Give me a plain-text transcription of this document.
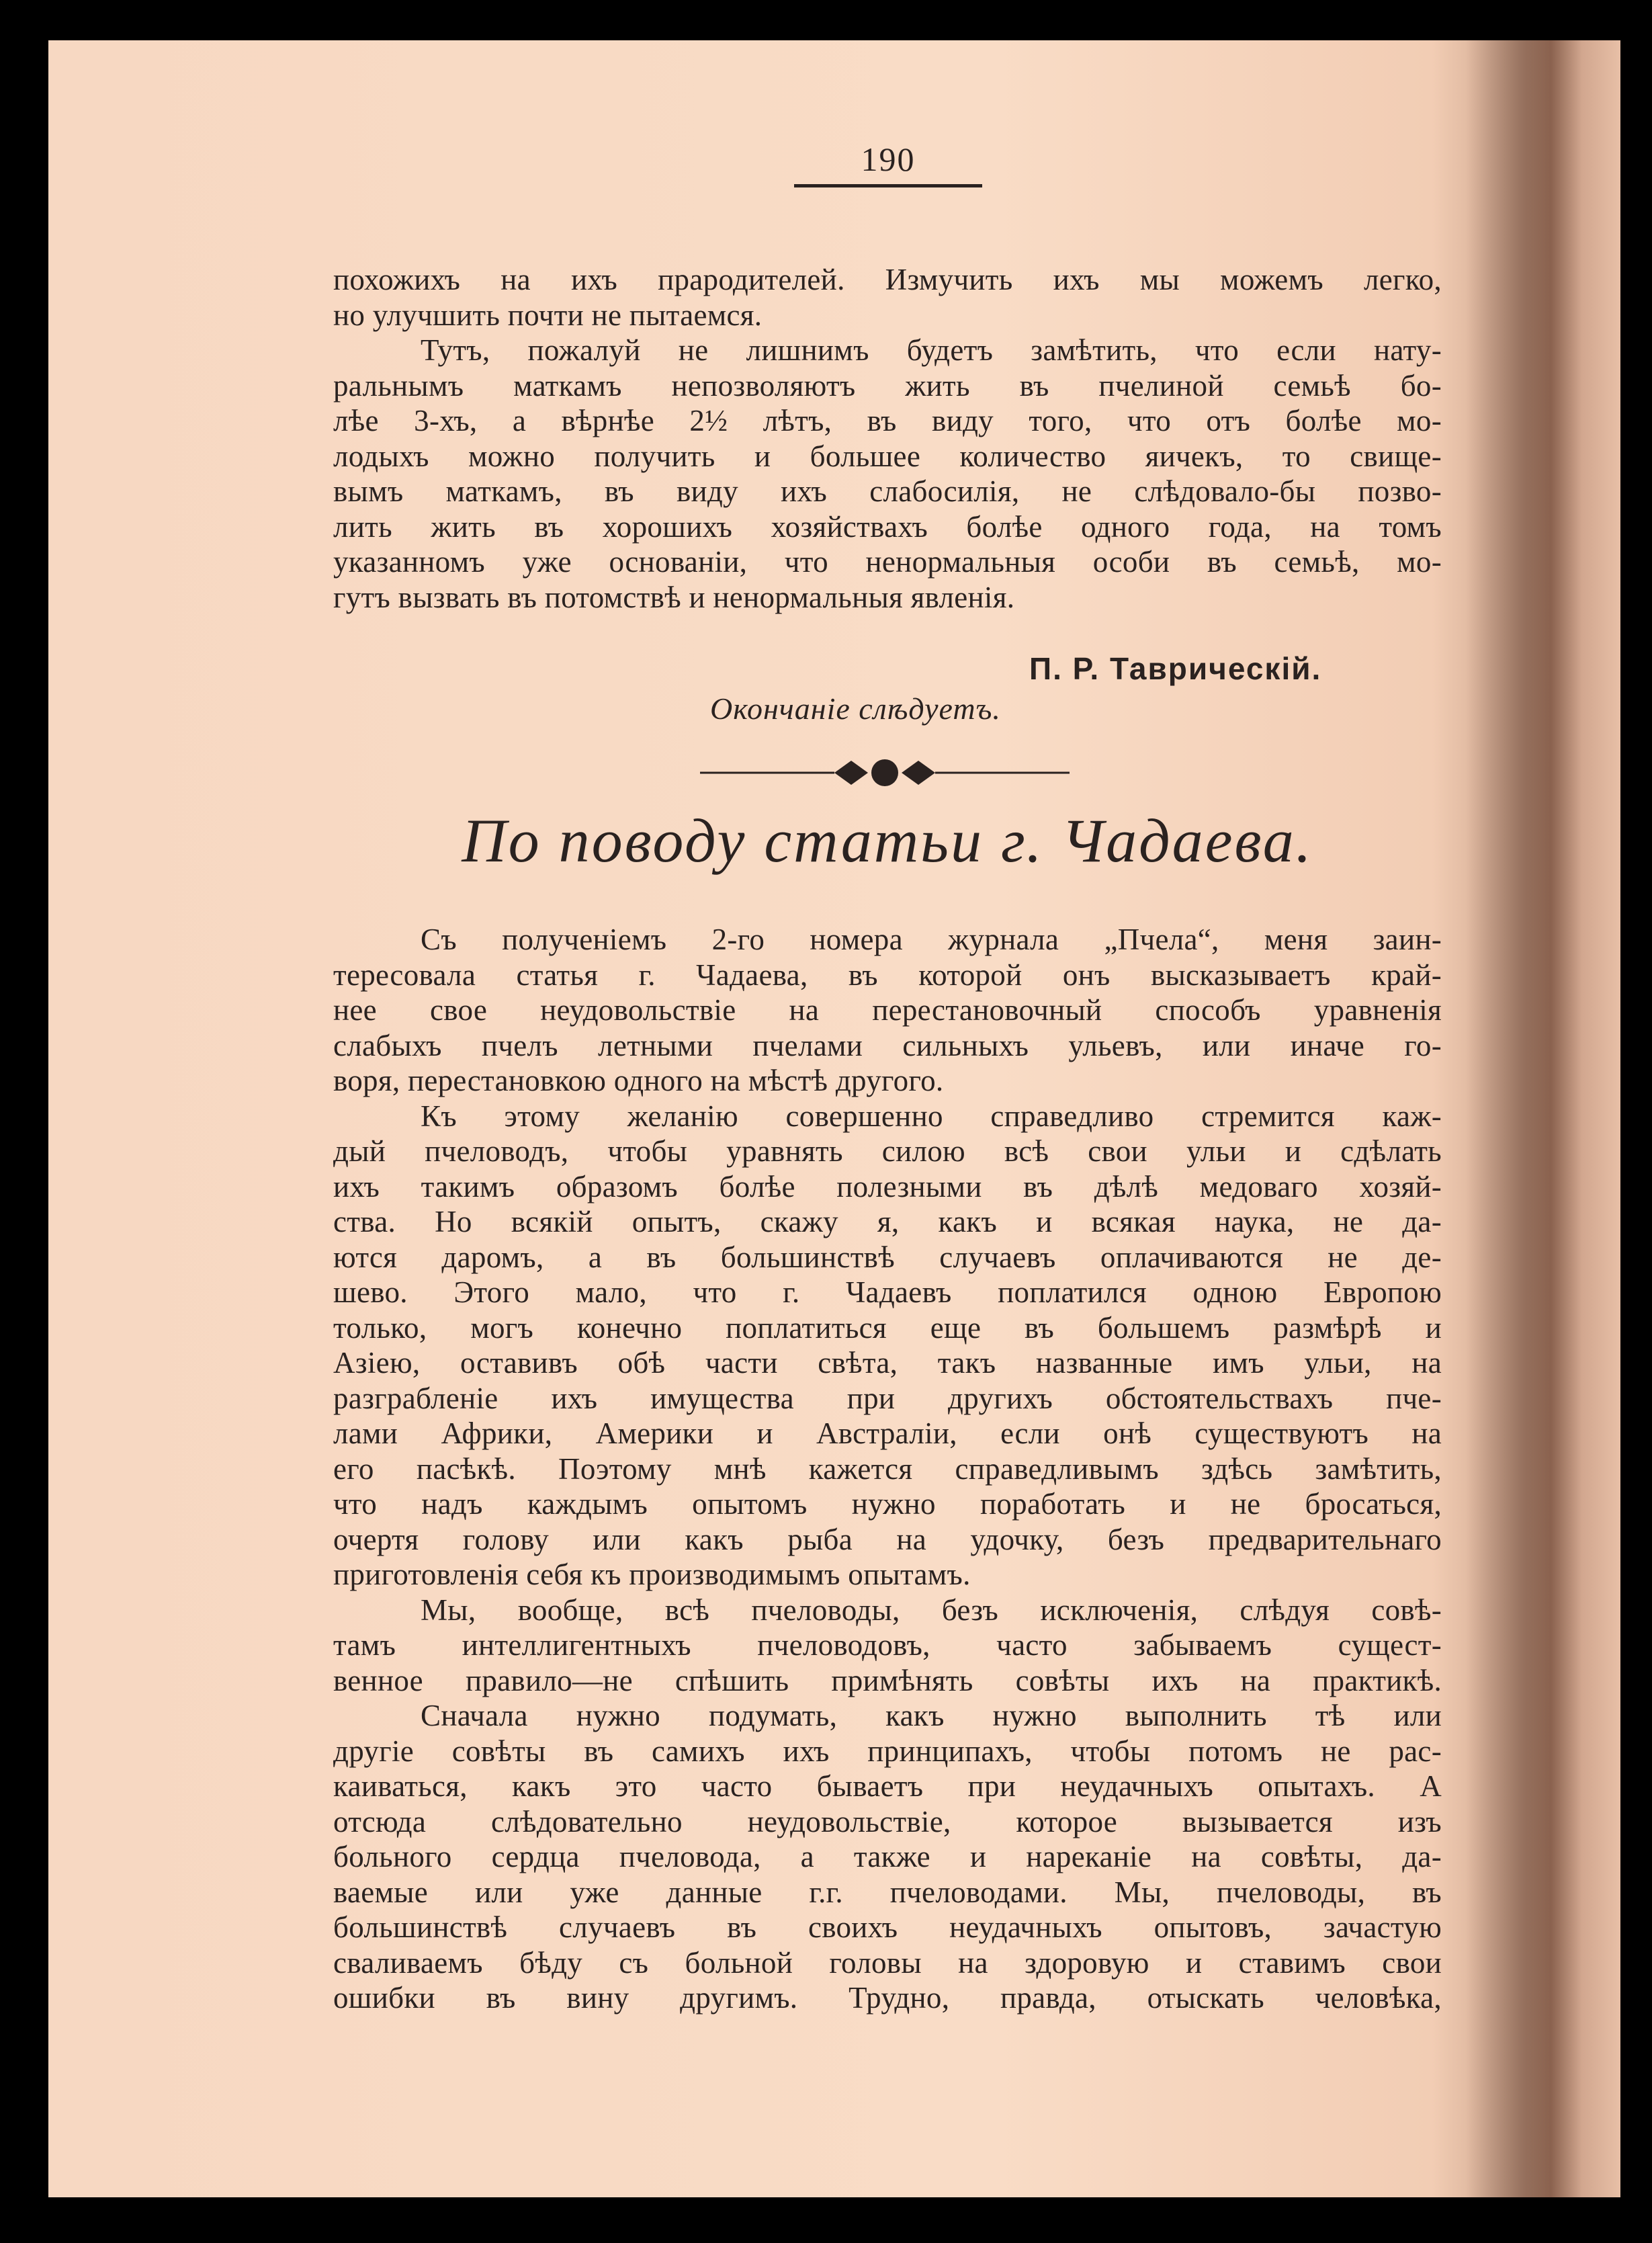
190
похожихъ на ихъ прародителей. Измучить ихъ мы можемъ легко,
но улучшить почти не пытаемся.
Тутъ, пожалуй не лишнимъ будетъ замѣтить, что если нату-
ральнымъ маткамъ непозволяютъ жить въ пчелиной семьѣ бо-
лѣе 3-хъ, а вѣрнѣе 2½ лѣтъ, въ виду того, что отъ болѣе мо-
лодыхъ можно получить и большее количество яичекъ, то свище-
вымъ маткамъ, въ виду ихъ слабосилія, не слѣдовало-бы позво-
лить жить въ хорошихъ хозяйствахъ болѣе одного года, на томъ
указанномъ уже основаніи, что ненормальныя особи въ семьѣ, мо-
гутъ вызвать въ потомствѣ и ненормальныя явленія.
П. Р. Таврическій.
Окончаніе слѣдуетъ.
По поводу статьи г. Чадаева.
Съ полученіемъ 2-го номера журнала „Пчела“, меня заин-
тересовала статья г. Чадаева, въ которой онъ высказываетъ край-
нее свое неудовольствіе на перестановочный способъ уравненія
слабыхъ пчелъ летными пчелами сильныхъ ульевъ, или иначе го-
воря, перестановкою одного на мѣстѣ другого.
Къ этому желанію совершенно справедливо стремится каж-
дый пчеловодъ, чтобы уравнять силою всѣ свои ульи и сдѣлать
ихъ такимъ образомъ болѣе полезными въ дѣлѣ медоваго хозяй-
ства. Но всякій опытъ, скажу я, какъ и всякая наука, не да-
ются даромъ, а въ большинствѣ случаевъ оплачиваются не де-
шево. Этого мало, что г. Чадаевъ поплатился одною Европою
только, могъ конечно поплатиться еще въ большемъ размѣрѣ и
Азіею, оставивъ обѣ части свѣта, такъ названные имъ ульи, на
разграбленіе ихъ имущества при другихъ обстоятельствахъ пче-
лами Африки, Америки и Австраліи, если онѣ существуютъ на
его пасѣкѣ. Поэтому мнѣ кажется справедливымъ здѣсь замѣтить,
что надъ каждымъ опытомъ нужно поработать и не бросаться,
очертя голову или какъ рыба на удочку, безъ предварительнаго
приготовленія себя къ производимымъ опытамъ.
Мы, вообще, всѣ пчеловоды, безъ исключенія, слѣдуя совѣ-
тамъ интеллигентныхъ пчеловодовъ, часто забываемъ сущест-
венное правило—не спѣшить примѣнять совѣты ихъ на практикѣ.
Сначала нужно подумать, какъ нужно выполнить тѣ или
другіе совѣты въ самихъ ихъ принципахъ, чтобы потомъ не рас-
каиваться, какъ это часто бываетъ при неудачныхъ опытахъ. А
отсюда слѣдовательно неудовольствіе, которое вызывается изъ
больного сердца пчеловода, а также и нареканіе на совѣты, да-
ваемые или уже данные г.г. пчеловодами. Мы, пчеловоды, въ
большинствѣ случаевъ въ своихъ неудачныхъ опытовъ, зачастую
сваливаемъ бѣду съ больной головы на здоровую и ставимъ свои
ошибки въ вину другимъ. Трудно, правда, отыскать человѣка,
